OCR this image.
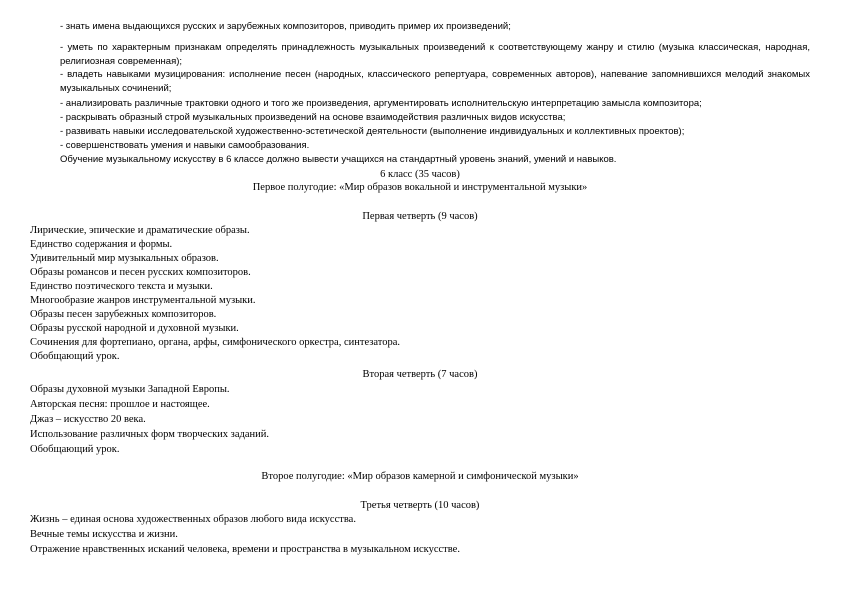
- знать имена выдающихся русских и зарубежных композиторов, приводить пример их произведений;
- уметь по характерным признакам определять принадлежность музыкальных произведений к соответствующему жанру и стилю (музыка классическая, народная, религиозная современная);
- владеть навыками музицирования: исполнение песен (народных, классического репертуара, современных авторов), напевание запомнившихся мелодий знакомых музыкальных сочинений;
- анализировать различные трактовки одного и того же произведения, аргументировать исполнительскую интерпретацию замысла композитора;
- раскрывать образный строй музыкальных произведений на основе взаимодействия различных видов искусства;
- развивать навыки исследовательской художественно-эстетической деятельности (выполнение индивидуальных и коллективных проектов);
- совершенствовать умения и навыки самообразования.
Обучение музыкальному искусству в 6 классе должно вывести учащихся на стандартный уровень знаний, умений и навыков.
6 класс (35 часов)
Первое полугодие: «Мир образов вокальной и инструментальной музыки»
Первая четверть (9 часов)
Лирические, эпические и драматические образы.
Единство содержания и формы.
Удивительный мир музыкальных образов.
Образы романсов и песен русских композиторов.
Единство поэтического текста и музыки.
Многообразие жанров инструментальной музыки.
Образы песен зарубежных композиторов.
Образы русской народной и духовной музыки.
Сочинения для фортепиано, органа, арфы, симфонического оркестра, синтезатора.
Обобщающий урок.
Вторая четверть (7 часов)
Образы духовной музыки Западной Европы.
Авторская песня: прошлое и настоящее.
Джаз – искусство 20 века.
Использование различных форм творческих заданий.
Обобщающий урок.
Второе полугодие: «Мир образов камерной и симфонической музыки»
Третья четверть (10 часов)
Жизнь – единая основа художественных образов любого вида искусства.
Вечные темы искусства и жизни.
Отражение нравственных исканий человека, времени и пространства в музыкальном искусстве.
